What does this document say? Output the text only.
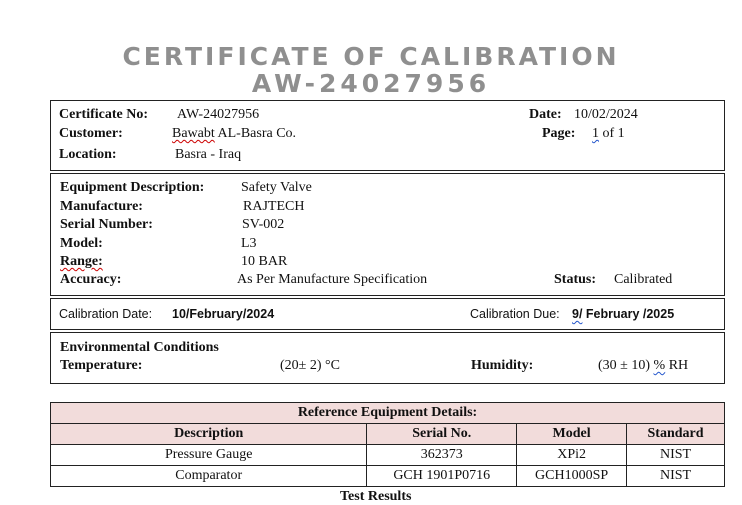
CERTIFICATE OF CALIBRATION
AW-24027956
Certificate No: AW-24027956	Date: 10/02/2024
Customer:	Bawabt AL-Basra Co.	Page: 1 of 1
Location:	Basra - Iraq
Equipment Description:	Safety Valve
Manufacture:	RAJTECH
Serial Number:	SV-002
Model:	L3
Range:	10 BAR
Accuracy:	As Per Manufacture Specification	Status: Calibrated
Calibration Date: 10/February/2024	Calibration Due: 9/ February /2025
Environmental Conditions
Temperature:	(20± 2) °C	Humidity:	(30 ± 10) % RH
Reference Equipment Details:			
Description	Serial No.	Model	Standard
Pressure Gauge	362373	XPi2	NIST
Comparator	GCH 1901P0716	GCH1000SP	NIST
Test Results
